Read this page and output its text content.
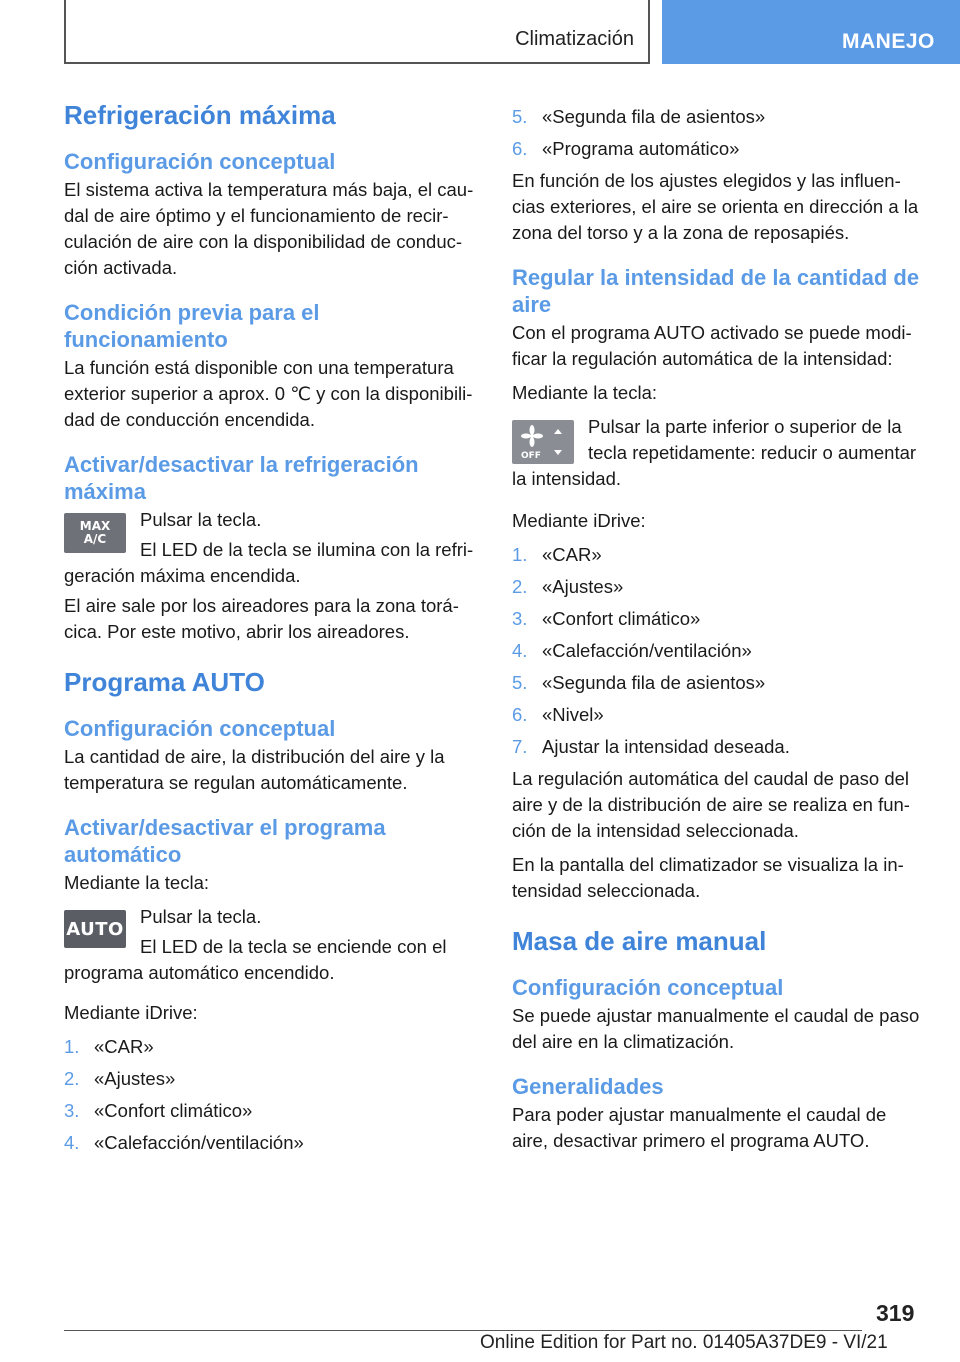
Climatización	MANEJO
Refrigeración máxima
Configuración conceptual

El sistema activa la temperatura más baja, el cau-dal de aire óptimo y el funcionamiento de recir-culación de aire con la disponibilidad de conduc-ción activada.

Condición previa para el funcionamiento

La función está disponible con una temperatura exterior superior a aprox. 0 ℃ y con la disponibili-dad de conducción encendida.

Activar/desactivar la refrigeración máxima
MAX
A/C

Pulsar la tecla.

El LED de la tecla se ilumina con la refri-geración máxima encendida.

El aire sale por los aireadores para la zona torá-cica. Por este motivo, abrir los aireadores.

Programa AUTO
Configuración conceptual

La cantidad de aire, la distribución del aire y la temperatura se regulan automáticamente.

Activar/desactivar el programa automático

Mediante la tecla:

AUTO

Pulsar la tecla.

El LED de la tecla se enciende con el programa automático encendido.

Mediante iDrive:

1. «CAR»
2. «Ajustes»
3. «Confort climático»
4. «Calefacción/ventilación»
5. «Segunda fila de asientos»
6. «Programa automático»

En función de los ajustes elegidos y las influen-cias exteriores, el aire se orienta en dirección a la zona del torso y a la zona de reposapiés.

Regular la intensidad de la cantidad de aire

Con el programa AUTO activado se puede modi-ficar la regulación automática de la intensidad:

Mediante la tecla:

OFF

Pulsar la parte inferior o superior de la tecla repetidamente: reducir o aumentar la intensidad.

Mediante iDrive:

1. «CAR»
2. «Ajustes»
3. «Confort climático»
4. «Calefacción/ventilación»
5. «Segunda fila de asientos»
6. «Nivel»
7. Ajustar la intensidad deseada.

La regulación automática del caudal de paso del aire y de la distribución de aire se realiza en fun-ción de la intensidad seleccionada.

En la pantalla del climatizador se visualiza la in-tensidad seleccionada.

Masa de aire manual
Configuración conceptual

Se puede ajustar manualmente el caudal de paso del aire en la climatización.

Generalidades

Para poder ajustar manualmente el caudal de aire, desactivar primero el programa AUTO.

319
Online Edition for Part no. 01405A37DE9 - VI/21
